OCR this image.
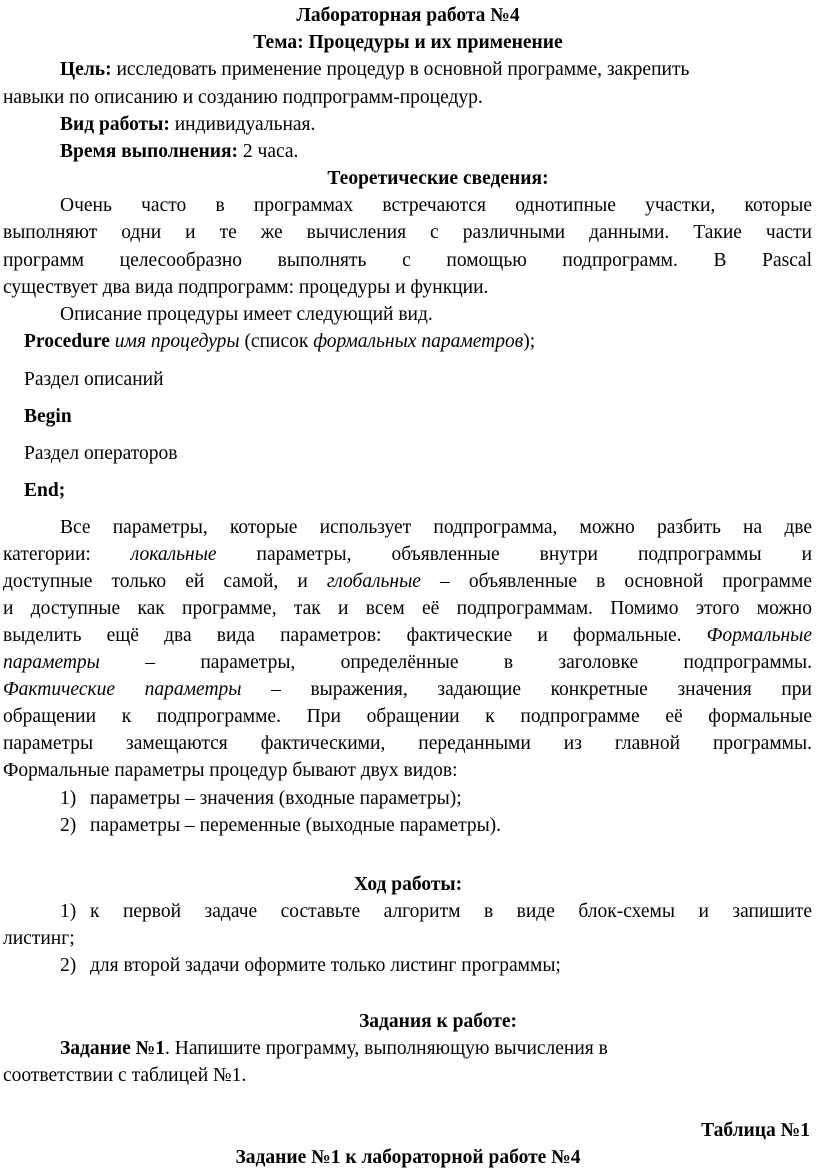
Лабораторная работа №4
Тема: Процедуры и их применение
Цель: исследовать применение процедур в основной программе, закрепить
навыки по описанию и созданию подпрограмм-процедур.
Вид работы: индивидуальная.
Время выполнения: 2 часа.
Теоретические сведения:
Очень часто в программах встречаются однотипные участки, которые
выполняют одни и те же вычисления с различными данными. Такие части
программ целесообразно выполнять с помощью подпрограмм. В Pascal
существует два вида подпрограмм: процедуры и функции.
Описание процедуры имеет следующий вид.
Procedure имя процедуры (список формальных параметров);
Раздел описаний
Begin
Раздел операторов
End;
Все параметры, которые использует подпрограмма, можно разбить на две
категории: локальные параметры, объявленные внутри подпрограммы и
доступные только ей самой, и глобальные – объявленные в основной программе
и доступные как программе, так и всем её подпрограммам. Помимо этого можно
выделить ещё два вида параметров: фактические и формальные. Формальные
параметры – параметры, определённые в заголовке подпрограммы.
Фактические параметры – выражения, задающие конкретные значения при
обращении к подпрограмме. При обращении к подпрограмме её формальные
параметры замещаются фактическими, переданными из главной программы.
Формальные параметры процедур бывают двух видов:
1) параметры – значения (входные параметры);
2) параметры – переменные (выходные параметры).
Ход работы:
1) к первой задаче составьте алгоритм в виде блок-схемы и запишите
листинг;
2) для второй задачи оформите только листинг программы;
Задания к работе:
Задание №1. Напишите программу, выполняющую вычисления в
соответствии с таблицей №1.
Таблица №1
Задание №1 к лабораторной работе №4
